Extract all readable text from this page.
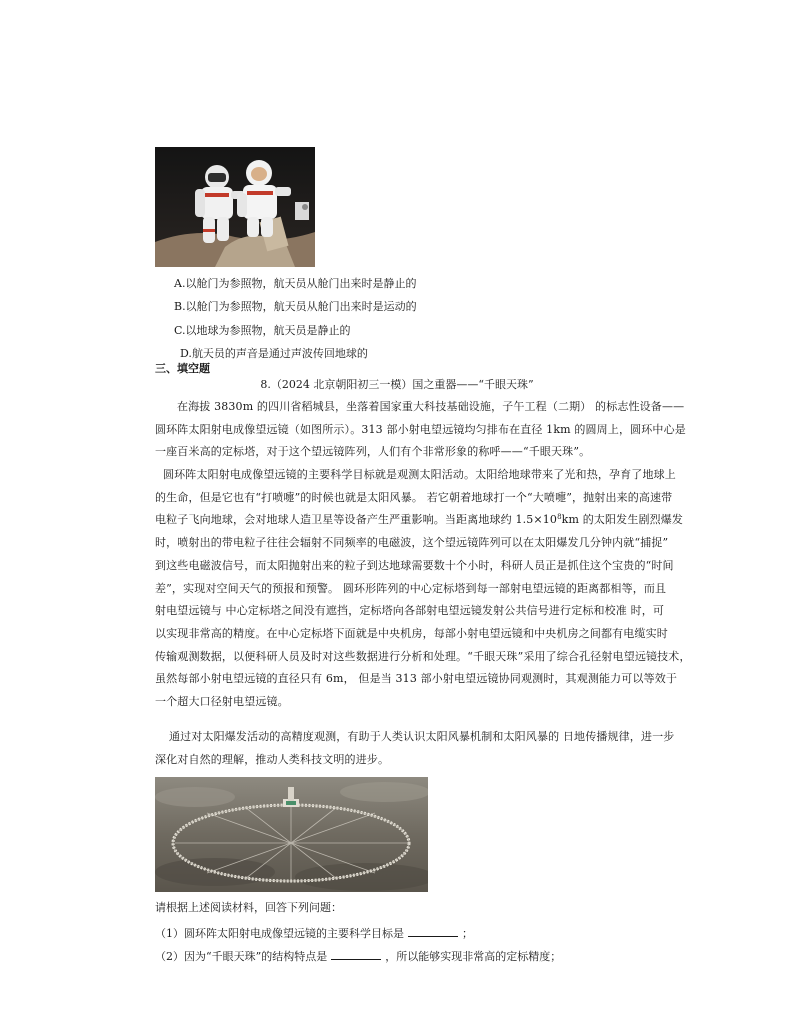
A.以舱门为参照物，航天员从舱门出来时是静止的
B.以舱门为参照物，航天员从舱门出来时是运动的
C.以地球为参照物，航天员是静止的
D.航天员的声音是通过声波传回地球的
三、填空题
8.（2024 北京朝阳初三一模）国之重器——“千眼天珠”
在海拔 3830m 的四川省稻城县，坐落着国家重大科技基础设施，子午工程（二期） 的标志性设备——
圆环阵太阳射电成像望远镜（如图所示）。313 部小射电望远镜均匀排布在直径 1km 的圆周上，圆环中心是
一座百米高的定标塔，对于这个望远镜阵列，人们有个非常形象的称呼——“千眼天珠”。
圆环阵太阳射电成像望远镜的主要科学目标就是观测太阳活动。太阳给地球带来了光和热，孕育了地球上
的生命，但是它也有“打喷嚏”的时候也就是太阳风暴。 若它朝着地球打一个“大喷嚏”，抛射出来的高速带
电粒子飞向地球，会对地球人造卫星等设备产生严重影响。当距离地球约 $1.5\times 10^8km$ 的太阳发生剧烈爆发
时，喷射出的带电粒子往往会辐射不同频率的电磁波，这个望远镜阵列可以在太阳爆发几分钟内就“捕捉”
到这些电磁波信号，而太阳抛射出来的粒子到达地球需要数十个小时，科研人员正是抓住这个宝贵的“时间
差”，实现对空间天气的预报和预警。 圆环形阵列的中心定标塔到每一部射电望远镜的距离都相等，而且
射电望远镜与 中心定标塔之间没有遮挡，定标塔向各部射电望远镜发射公共信号进行定标和校准 时，可
以实现非常高的精度。在中心定标塔下面就是中央机房，每部小射电望远镜和中央机房之间都有电缆实时
传输观测数据，以便科研人员及时对这些数据进行分析和处理。“千眼天珠”采用了综合孔径射电望远镜技术，
虽然每部小射电望远镜的直径只有 6m， 但是当 313 部小射电望远镜协同观测时，其观测能力可以等效于
一个超大口径射电望远镜。
通过对太阳爆发活动的高精度观测，有助于人类认识太阳风暴机制和太阳风暴的 日地传播规律，进一步
深化对自然的理解，推动人类科技文明的进步。
请根据上述阅读材料，回答下列问题：
（1）圆环阵太阳射电成像望远镜的主要科学目标是	；
（2）因为“千眼天珠”的结构特点是	，所以能够实现非常高的定标精度；
